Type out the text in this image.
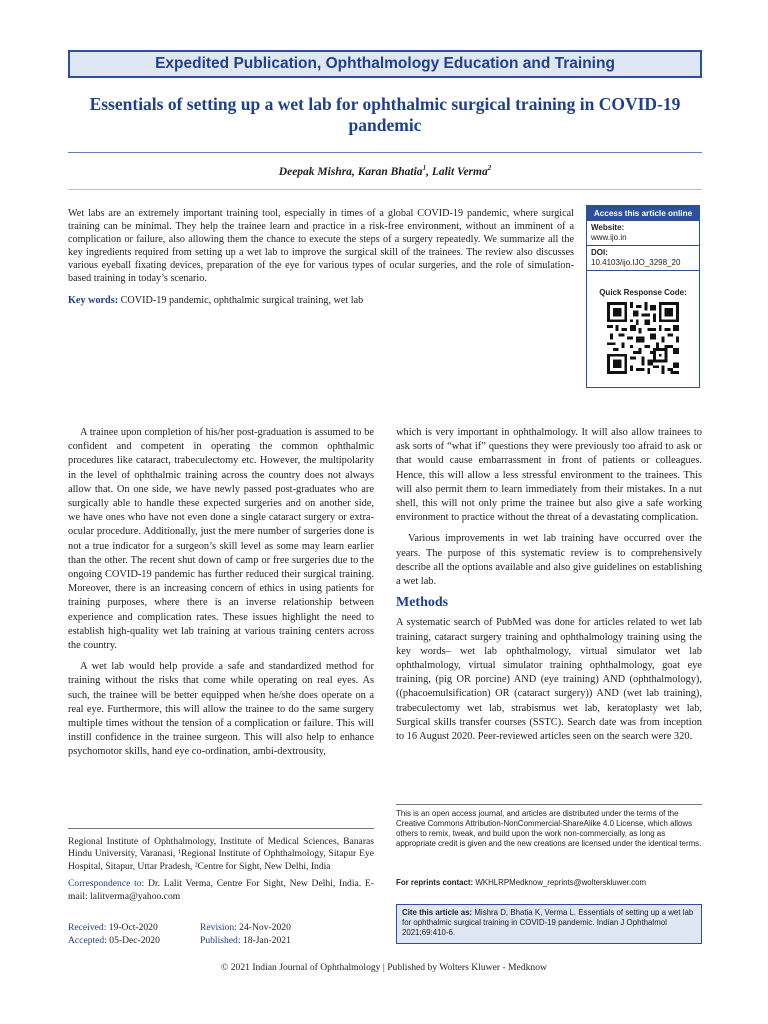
Expedited Publication, Ophthalmology Education and Training
Essentials of setting up a wet lab for ophthalmic surgical training in COVID-19 pandemic
Deepak Mishra, Karan Bhatia$^1$, Lalit Verma$^2$
Wet labs are an extremely important training tool, especially in times of a global COVID-19 pandemic, where surgical training can be minimal. They help the trainee learn and practice in a risk-free environment, without an imminent of a complication or failure, also allowing them the chance to execute the steps of a surgery repeatedly. We summarize all the key ingredients required from setting up a wet lab to improve the surgical skill of the trainees. The review also discusses various eyeball fixating devices, preparation of the eye for various types of ocular surgeries, and the role of simulation-based training in today’s scenario.
Key words: COVID-19 pandemic, ophthalmic surgical training, wet lab
Access this article online
Website:
www.ijo.in
DOI:
10.4103/ijo.IJO_3298_20
Quick Response Code:

A trainee upon completion of his/her post-graduation is assumed to be confident and competent in operating the common ophthalmic procedures like cataract, trabeculectomy etc. However, the multipolarity in the level of ophthalmic training across the country does not always allow that. On one side, we have newly passed post-graduates who are surgically able to handle these expected surgeries and on another side, we have ones who have not even done a single cataract surgery or extra-ocular procedure. Additionally, just the mere number of surgeries done is not a true indicator for a surgeon’s skill level as some may learn earlier than the other. The recent shut down of camp or free surgeries due to the ongoing COVID-19 pandemic has further reduced their surgical training. Moreover, there is an increasing concern of ethics in using patients for training purposes, where there is an inverse relationship between experience and complication rates. These issues highlight the need to establish high-quality wet lab training at various training centers across the country.

A wet lab would help provide a safe and standardized method for training without the risks that come while operating on real eyes. As such, the trainee will be better equipped when he/she does operate on a real eye. Furthermore, this will allow the trainee to do the same surgery multiple times without the tension of a complication or failure. This will instill confidence in the trainee surgeon. This will also help to enhance psychomotor skills, hand eye co-ordination, ambi-dextrousity,

which is very important in ophthalmology. It will also allow trainees to ask sorts of “what if” questions they were previously too afraid to ask or that would cause embarrassment in front of patients or colleagues. Hence, this will allow a less stressful environment to the trainees. This will also permit them to learn immediately from their mistakes. In a nut shell, this will not only prime the trainee but also give a safe working environment to practice without the threat of a devastating complication.

Various improvements in wet lab training have occurred over the years. The purpose of this systematic review is to comprehensively describe all the options available and also give guidelines on establishing a wet lab.

Methods

A systematic search of PubMed was done for articles related to wet lab training, cataract surgery training and ophthalmology training using the key words– wet lab ophthalmology, virtual simulator wet lab ophthalmology, virtual simulator training ophthalmology, goat eye training, (pig OR porcine) AND (eye training) AND (ophthalmology), ((phacoemulsification) OR (cataract surgery)) AND (wet lab training), trabeculectomy wet lab, strabismus wet lab, keratoplasty wet lab, Surgical skills transfer courses (SSTC). Search date was from inception to 16 August 2020. Peer-reviewed articles seen on the search were 320.

Regional Institute of Ophthalmology, Institute of Medical Sciences, Banaras Hindu University, Varanasi, ¹Regional Institute of Ophthalmology, Sitapur Eye Hospital, Sitapur, Uttar Pradesh, ²Centre for Sight, New Delhi, India
Correspondence to: Dr. Lalit Verma, Centre For Sight, New Delhi, India. E-mail: lalitverma@yahoo.com
Received: 19-Oct-2020	Revision: 24-Nov-2020
Accepted: 05-Dec-2020	Published: 18-Jan-2021
This is an open access journal, and articles are distributed under the terms of the Creative Commons Attribution-NonCommercial-ShareAlike 4.0 License, which allows others to remix, tweak, and build upon the work non-commercially, as long as appropriate credit is given and the new creations are licensed under the identical terms.
For reprints contact: WKHLRPMedknow_reprints@wolterskluwer.com
Cite this article as: Mishra D, Bhatia K, Verma L. Essentials of setting up a wet lab for ophthalmic surgical training in COVID-19 pandemic. Indian J Ophthalmol 2021;69:410-6.
© 2021 Indian Journal of Ophthalmology | Published by Wolters Kluwer - Medknow
